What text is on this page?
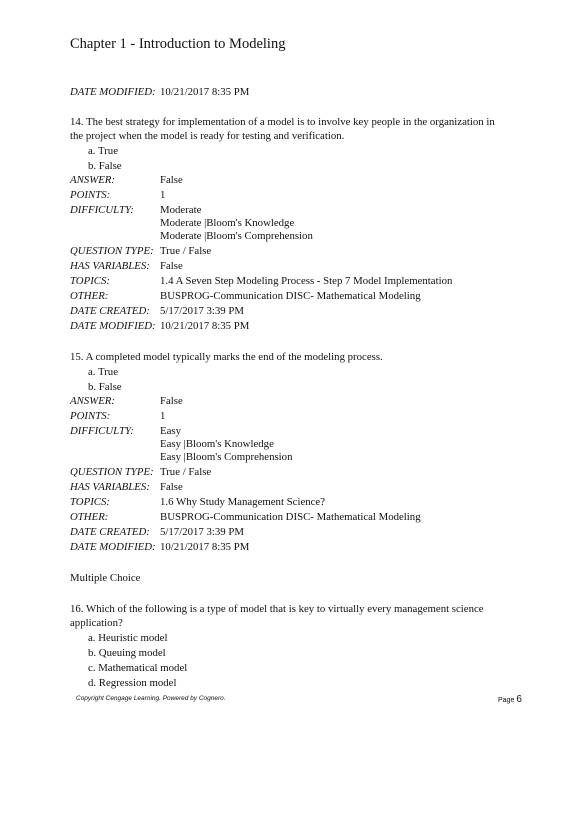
Chapter 1 - Introduction to Modeling
DATE MODIFIED: 10/21/2017 8:35 PM
14. The best strategy for implementation of a model is to involve key people in the organization in the project when the model is ready for testing and verification.
a. True
b. False
ANSWER:	False
POINTS:	1
DIFFICULTY:	Moderate
Moderate |Bloom's Knowledge
Moderate |Bloom's Comprehension
QUESTION TYPE: True / False
HAS VARIABLES: False
TOPICS:	1.4 A Seven Step Modeling Process - Step 7 Model Implementation
OTHER:	BUSPROG-Communication DISC- Mathematical Modeling
DATE CREATED: 5/17/2017 3:39 PM
DATE MODIFIED: 10/21/2017 8:35 PM
15. A completed model typically marks the end of the modeling process.
a. True
b. False
ANSWER:	False
POINTS:	1
DIFFICULTY:	Easy
Easy |Bloom's Knowledge
Easy |Bloom's Comprehension
QUESTION TYPE: True / False
HAS VARIABLES: False
TOPICS:	1.6 Why Study Management Science?
OTHER:	BUSPROG-Communication DISC- Mathematical Modeling
DATE CREATED: 5/17/2017 3:39 PM
DATE MODIFIED: 10/21/2017 8:35 PM
Multiple Choice
16. Which of the following is a type of model that is key to virtually every management science application?
a. Heuristic model
b. Queuing model
c. Mathematical model
d. Regression model
Copyright Cengage Learning. Powered by Cognero.	Page 6
